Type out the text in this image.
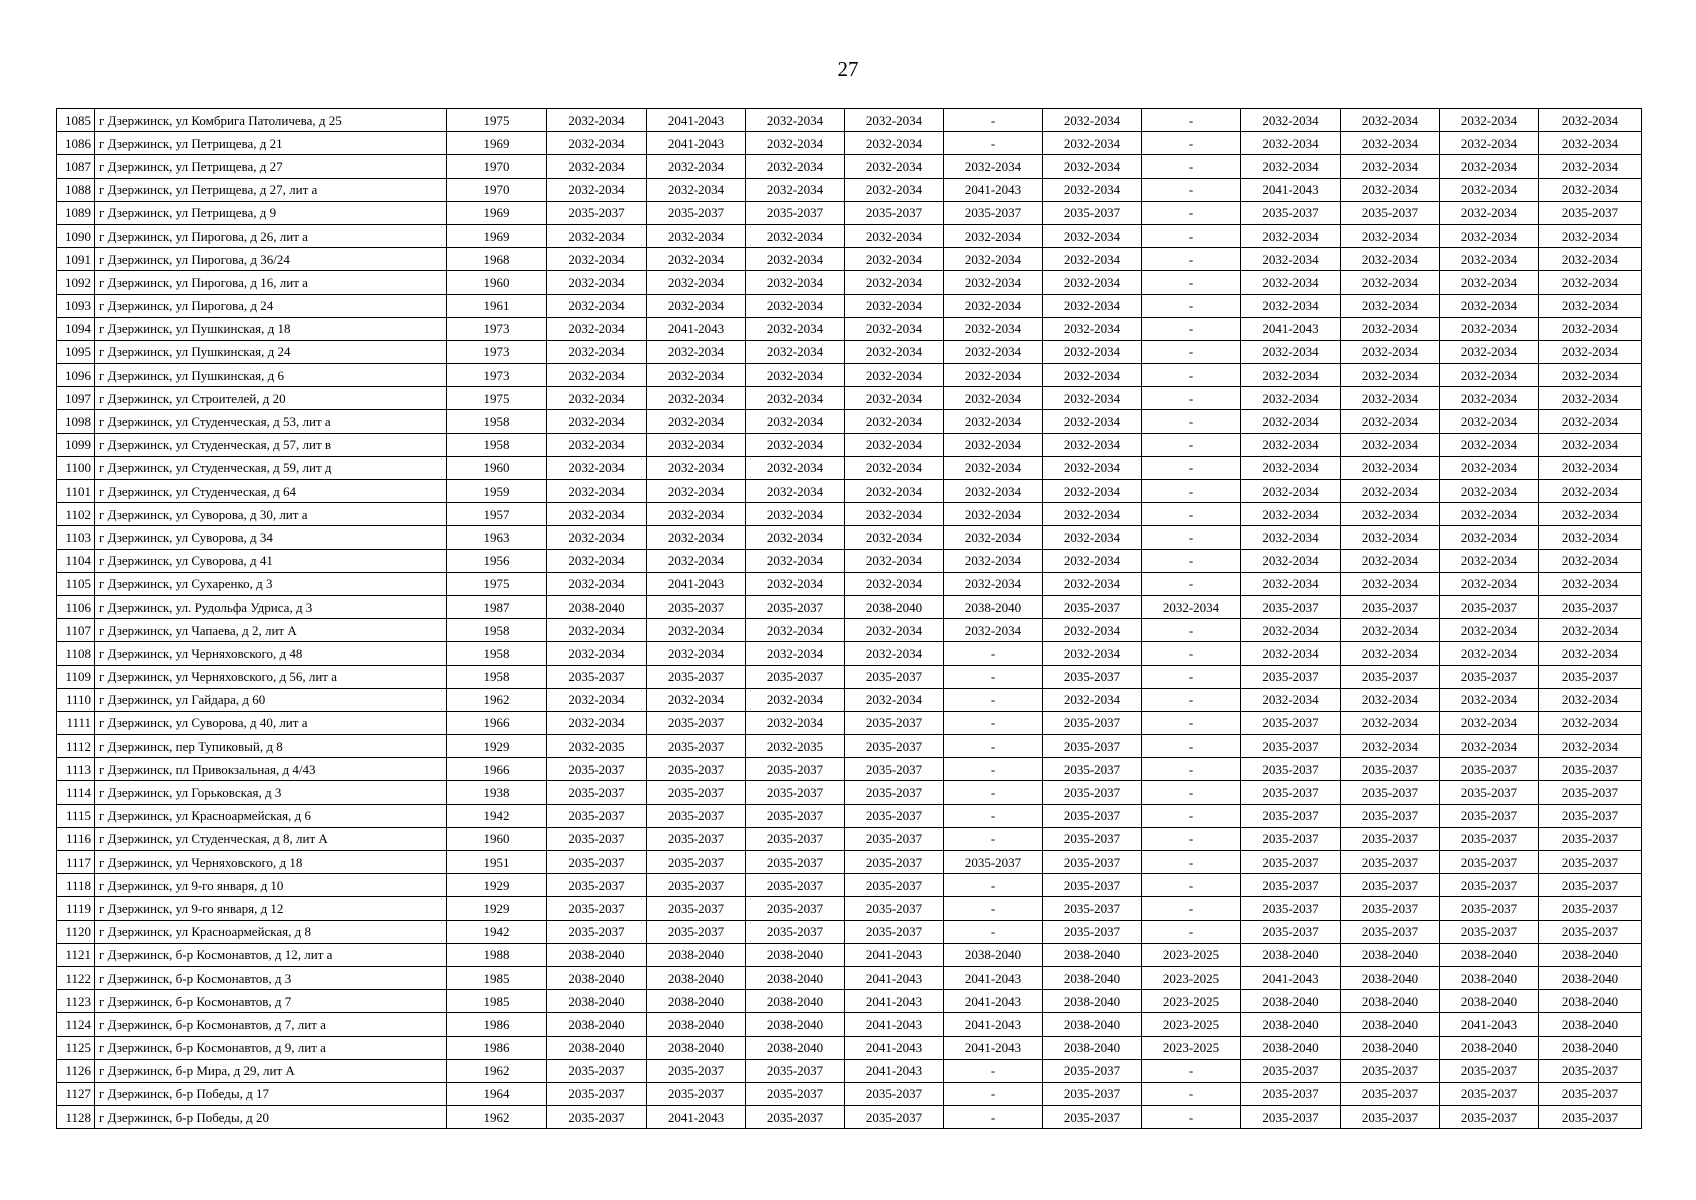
27
1085	г Дзержинск, ул Комбрига Патоличева, д 25	1975	2032-2034	2041-2043	2032-2034	2032-2034	-	2032-2034	-	2032-2034	2032-2034	2032-2034	2032-2034
1086	г Дзержинск, ул Петрищева, д 21	1969	2032-2034	2041-2043	2032-2034	2032-2034	-	2032-2034	-	2032-2034	2032-2034	2032-2034	2032-2034
1087	г Дзержинск, ул Петрищева, д 27	1970	2032-2034	2032-2034	2032-2034	2032-2034	2032-2034	2032-2034	-	2032-2034	2032-2034	2032-2034	2032-2034
1088	г Дзержинск, ул Петрищева, д 27, лит а	1970	2032-2034	2032-2034	2032-2034	2032-2034	2041-2043	2032-2034	-	2041-2043	2032-2034	2032-2034	2032-2034
1089	г Дзержинск, ул Петрищева, д 9	1969	2035-2037	2035-2037	2035-2037	2035-2037	2035-2037	2035-2037	-	2035-2037	2035-2037	2032-2034	2035-2037
1090	г Дзержинск, ул Пирогова, д 26, лит а	1969	2032-2034	2032-2034	2032-2034	2032-2034	2032-2034	2032-2034	-	2032-2034	2032-2034	2032-2034	2032-2034
1091	г Дзержинск, ул Пирогова, д 36/24	1968	2032-2034	2032-2034	2032-2034	2032-2034	2032-2034	2032-2034	-	2032-2034	2032-2034	2032-2034	2032-2034
1092	г Дзержинск, ул Пирогова, д 16, лит а	1960	2032-2034	2032-2034	2032-2034	2032-2034	2032-2034	2032-2034	-	2032-2034	2032-2034	2032-2034	2032-2034
1093	г Дзержинск, ул Пирогова, д 24	1961	2032-2034	2032-2034	2032-2034	2032-2034	2032-2034	2032-2034	-	2032-2034	2032-2034	2032-2034	2032-2034
1094	г Дзержинск, ул Пушкинская, д 18	1973	2032-2034	2041-2043	2032-2034	2032-2034	2032-2034	2032-2034	-	2041-2043	2032-2034	2032-2034	2032-2034
1095	г Дзержинск, ул Пушкинская, д 24	1973	2032-2034	2032-2034	2032-2034	2032-2034	2032-2034	2032-2034	-	2032-2034	2032-2034	2032-2034	2032-2034
1096	г Дзержинск, ул Пушкинская, д 6	1973	2032-2034	2032-2034	2032-2034	2032-2034	2032-2034	2032-2034	-	2032-2034	2032-2034	2032-2034	2032-2034
1097	г Дзержинск, ул Строителей, д 20	1975	2032-2034	2032-2034	2032-2034	2032-2034	2032-2034	2032-2034	-	2032-2034	2032-2034	2032-2034	2032-2034
1098	г Дзержинск, ул Студенческая, д 53, лит а	1958	2032-2034	2032-2034	2032-2034	2032-2034	2032-2034	2032-2034	-	2032-2034	2032-2034	2032-2034	2032-2034
1099	г Дзержинск, ул Студенческая, д 57, лит в	1958	2032-2034	2032-2034	2032-2034	2032-2034	2032-2034	2032-2034	-	2032-2034	2032-2034	2032-2034	2032-2034
1100	г Дзержинск, ул Студенческая, д 59, лит д	1960	2032-2034	2032-2034	2032-2034	2032-2034	2032-2034	2032-2034	-	2032-2034	2032-2034	2032-2034	2032-2034
1101	г Дзержинск, ул Студенческая, д 64	1959	2032-2034	2032-2034	2032-2034	2032-2034	2032-2034	2032-2034	-	2032-2034	2032-2034	2032-2034	2032-2034
1102	г Дзержинск, ул Суворова, д 30, лит а	1957	2032-2034	2032-2034	2032-2034	2032-2034	2032-2034	2032-2034	-	2032-2034	2032-2034	2032-2034	2032-2034
1103	г Дзержинск, ул Суворова, д 34	1963	2032-2034	2032-2034	2032-2034	2032-2034	2032-2034	2032-2034	-	2032-2034	2032-2034	2032-2034	2032-2034
1104	г Дзержинск, ул Суворова, д 41	1956	2032-2034	2032-2034	2032-2034	2032-2034	2032-2034	2032-2034	-	2032-2034	2032-2034	2032-2034	2032-2034
1105	г Дзержинск, ул Сухаренко, д 3	1975	2032-2034	2041-2043	2032-2034	2032-2034	2032-2034	2032-2034	-	2032-2034	2032-2034	2032-2034	2032-2034
1106	г Дзержинск, ул. Рудольфа Удриса, д 3	1987	2038-2040	2035-2037	2035-2037	2038-2040	2038-2040	2035-2037	2032-2034	2035-2037	2035-2037	2035-2037	2035-2037
1107	г Дзержинск, ул Чапаева, д 2, лит А	1958	2032-2034	2032-2034	2032-2034	2032-2034	2032-2034	2032-2034	-	2032-2034	2032-2034	2032-2034	2032-2034
1108	г Дзержинск, ул Черняховского, д 48	1958	2032-2034	2032-2034	2032-2034	2032-2034	-	2032-2034	-	2032-2034	2032-2034	2032-2034	2032-2034
1109	г Дзержинск, ул Черняховского, д 56, лит а	1958	2035-2037	2035-2037	2035-2037	2035-2037	-	2035-2037	-	2035-2037	2035-2037	2035-2037	2035-2037
1110	г Дзержинск, ул Гайдара, д 60	1962	2032-2034	2032-2034	2032-2034	2032-2034	-	2032-2034	-	2032-2034	2032-2034	2032-2034	2032-2034
1111	г Дзержинск, ул Суворова, д 40, лит а	1966	2032-2034	2035-2037	2032-2034	2035-2037	-	2035-2037	-	2035-2037	2032-2034	2032-2034	2032-2034
1112	г Дзержинск, пер Тупиковый, д 8	1929	2032-2035	2035-2037	2032-2035	2035-2037	-	2035-2037	-	2035-2037	2032-2034	2032-2034	2032-2034
1113	г Дзержинск, пл Привокзальная, д 4/43	1966	2035-2037	2035-2037	2035-2037	2035-2037	-	2035-2037	-	2035-2037	2035-2037	2035-2037	2035-2037
1114	г Дзержинск, ул Горьковская, д 3	1938	2035-2037	2035-2037	2035-2037	2035-2037	-	2035-2037	-	2035-2037	2035-2037	2035-2037	2035-2037
1115	г Дзержинск, ул Красноармейская, д 6	1942	2035-2037	2035-2037	2035-2037	2035-2037	-	2035-2037	-	2035-2037	2035-2037	2035-2037	2035-2037
1116	г Дзержинск, ул Студенческая, д 8, лит А	1960	2035-2037	2035-2037	2035-2037	2035-2037	-	2035-2037	-	2035-2037	2035-2037	2035-2037	2035-2037
1117	г Дзержинск, ул Черняховского, д 18	1951	2035-2037	2035-2037	2035-2037	2035-2037	2035-2037	2035-2037	-	2035-2037	2035-2037	2035-2037	2035-2037
1118	г Дзержинск, ул 9-го января, д 10	1929	2035-2037	2035-2037	2035-2037	2035-2037	-	2035-2037	-	2035-2037	2035-2037	2035-2037	2035-2037
1119	г Дзержинск, ул 9-го января, д 12	1929	2035-2037	2035-2037	2035-2037	2035-2037	-	2035-2037	-	2035-2037	2035-2037	2035-2037	2035-2037
1120	г Дзержинск, ул Красноармейская, д 8	1942	2035-2037	2035-2037	2035-2037	2035-2037	-	2035-2037	-	2035-2037	2035-2037	2035-2037	2035-2037
1121	г Дзержинск, б-р Космонавтов, д 12, лит а	1988	2038-2040	2038-2040	2038-2040	2041-2043	2038-2040	2038-2040	2023-2025	2038-2040	2038-2040	2038-2040	2038-2040
1122	г Дзержинск, б-р Космонавтов, д 3	1985	2038-2040	2038-2040	2038-2040	2041-2043	2041-2043	2038-2040	2023-2025	2041-2043	2038-2040	2038-2040	2038-2040
1123	г Дзержинск, б-р Космонавтов, д 7	1985	2038-2040	2038-2040	2038-2040	2041-2043	2041-2043	2038-2040	2023-2025	2038-2040	2038-2040	2038-2040	2038-2040
1124	г Дзержинск, б-р Космонавтов, д 7, лит а	1986	2038-2040	2038-2040	2038-2040	2041-2043	2041-2043	2038-2040	2023-2025	2038-2040	2038-2040	2041-2043	2038-2040
1125	г Дзержинск, б-р Космонавтов, д 9, лит а	1986	2038-2040	2038-2040	2038-2040	2041-2043	2041-2043	2038-2040	2023-2025	2038-2040	2038-2040	2038-2040	2038-2040
1126	г Дзержинск, б-р Мира, д 29, лит А	1962	2035-2037	2035-2037	2035-2037	2041-2043	-	2035-2037	-	2035-2037	2035-2037	2035-2037	2035-2037
1127	г Дзержинск, б-р Победы, д 17	1964	2035-2037	2035-2037	2035-2037	2035-2037	-	2035-2037	-	2035-2037	2035-2037	2035-2037	2035-2037
1128	г Дзержинск, б-р Победы, д 20	1962	2035-2037	2041-2043	2035-2037	2035-2037	-	2035-2037	-	2035-2037	2035-2037	2035-2037	2035-2037
